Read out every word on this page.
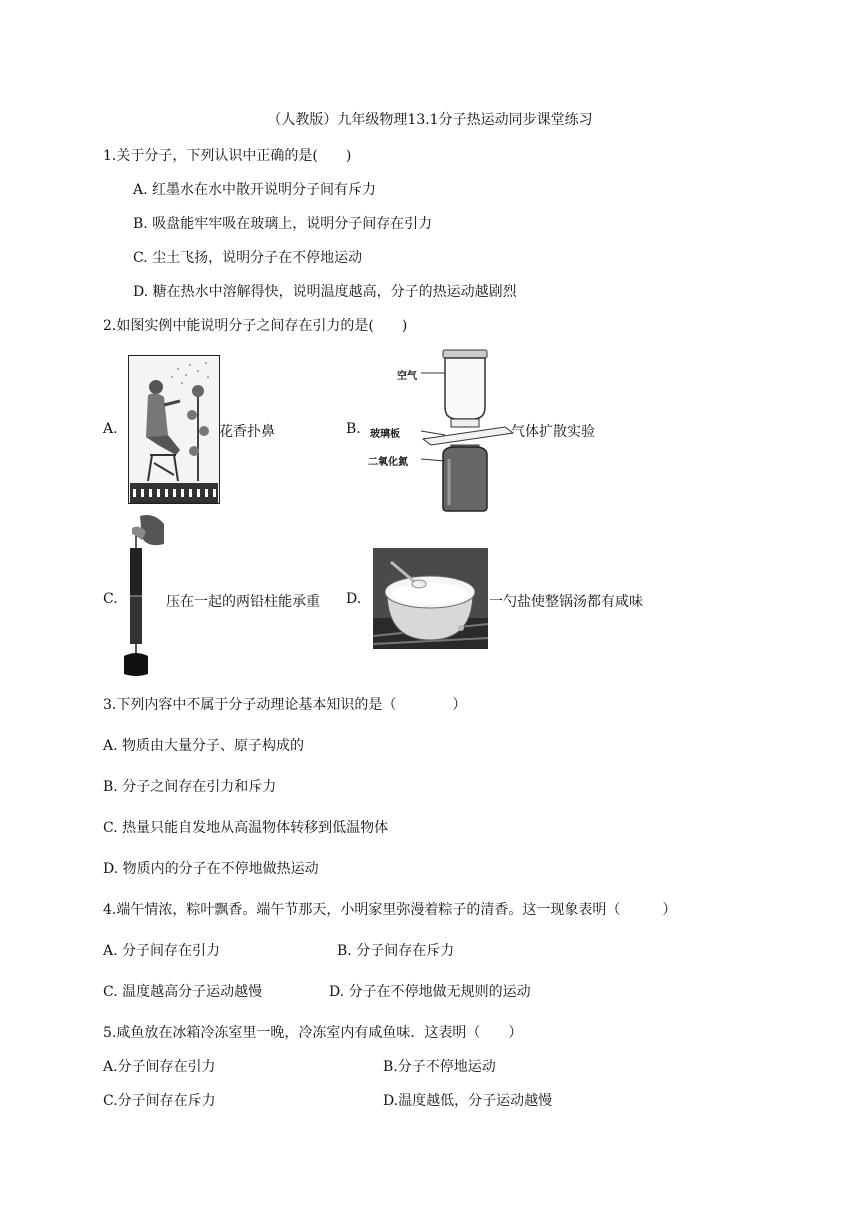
（人教版）九年级物理13.1分子热运动同步课堂练习
1.关于分子，下列认识中正确的是(　　)
A. 红墨水在水中散开说明分子间有斥力
B. 吸盘能牢牢吸在玻璃上，说明分子间存在引力
C. 尘土飞扬，说明分子在不停地运动
D. 糖在热水中溶解得快，说明温度越高，分子的热运动越剧烈
2.如图实例中能说明分子之间存在引力的是(　　)
A.	花香扑鼻	B.
空气
玻璃板
二氧化氮
气体扩散实验
C.	压在一起的两铅柱能承重 D.	一勺盐使整锅汤都有咸味
3.下列内容中不属于分子动理论基本知识的是（　　　　）
A. 物质由大量分子、原子构成的
B. 分子之间存在引力和斥力
C. 热量只能自发地从高温物体转移到低温物体
D. 物质内的分子在不停地做热运动
4.端午情浓，粽叶飘香。端午节那天，小明家里弥漫着粽子的清香。这一现象表明（　　　）
A. 分子间存在引力	B. 分子间存在斥力
C. 温度越高分子运动越慢	D. 分子在不停地做无规则的运动
5.咸鱼放在冰箱冷冻室里一晚，冷冻室内有咸鱼味．这表明（　　）
A.分子间存在引力	B.分子不停地运动
C.分子间存在斥力	D.温度越低，分子运动越慢
